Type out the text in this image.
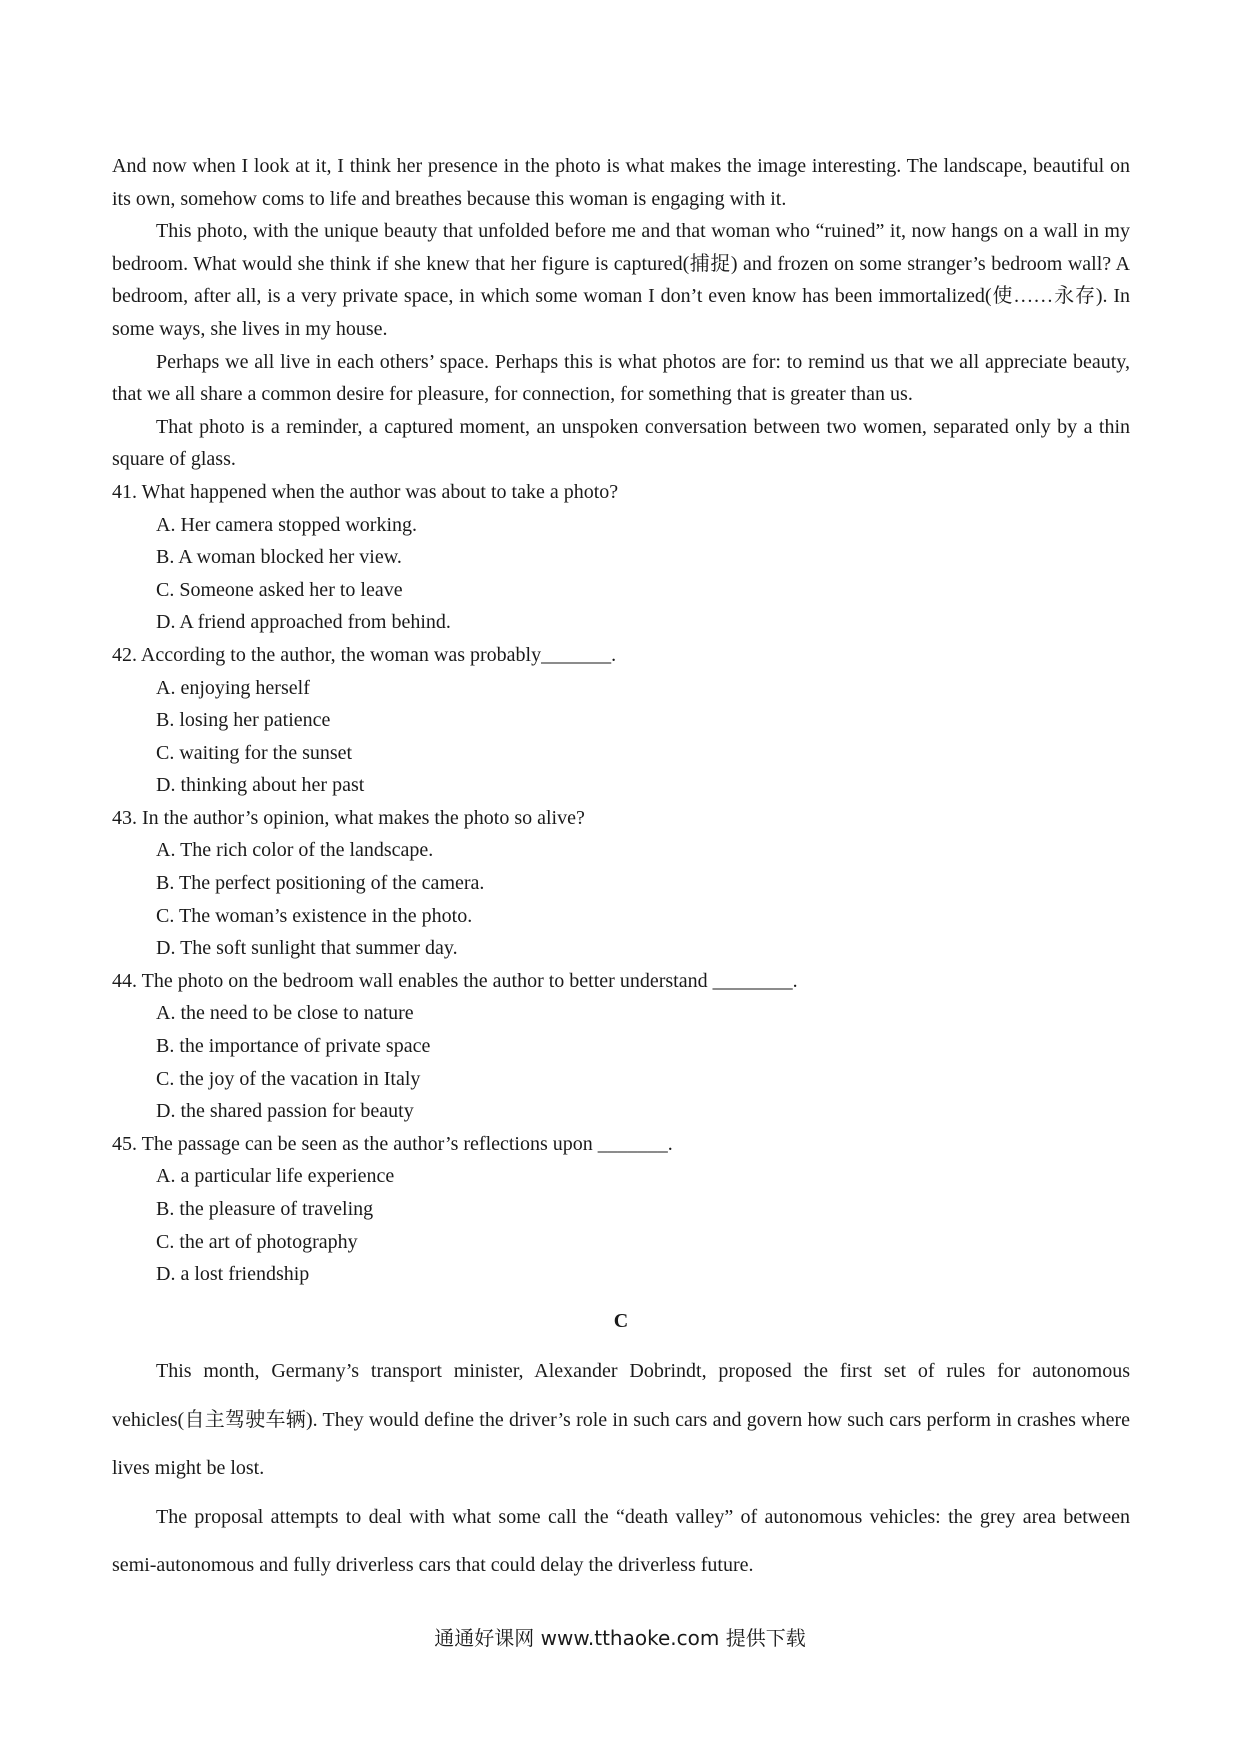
And now when I look at it, I think her presence in the photo is what makes the image interesting. The landscape, beautiful on its own, somehow coms to life and breathes because this woman is engaging with it.

This photo, with the unique beauty that unfolded before me and that woman who “ruined” it, now hangs on a wall in my bedroom. What would she think if she knew that her figure is captured(捕捉) and frozen on some stranger’s bedroom wall? A bedroom, after all, is a very private space, in which some woman I don’t even know has been immortalized(使……永存). In some ways, she lives in my house.

Perhaps we all live in each others’ space. Perhaps this is what photos are for: to remind us that we all appreciate beauty, that we all share a common desire for pleasure, for connection, for something that is greater than us.

That photo is a reminder, a captured moment, an unspoken conversation between two women, separated only by a thin square of glass.

41. What happened when the author was about to take a photo?

A. Her camera stopped working.

B. A woman blocked her view.

C. Someone asked her to leave

D. A friend approached from behind.

42. According to the author, the woman was probably_______.

A. enjoying herself

B. losing her patience

C. waiting for the sunset

D. thinking about her past

43. In the author’s opinion, what makes the photo so alive?

A. The rich color of the landscape.

B. The perfect positioning of the camera.

C. The woman’s existence in the photo.

D. The soft sunlight that summer day.

44. The photo on the bedroom wall enables the author to better understand ________.

A. the need to be close to nature

B. the importance of private space

C. the joy of the vacation in Italy

D. the shared passion for beauty

45. The passage can be seen as the author’s reflections upon _______.

A. a particular life experience

B. the pleasure of traveling

C. the art of photography

D. a lost friendship

C

This month, Germany’s transport minister, Alexander Dobrindt, proposed the first set of rules for autonomous vehicles(自主驾驶车辆). They would define the driver’s role in such cars and govern how such cars perform in crashes where lives might be lost.

The proposal attempts to deal with what some call the “death valley” of autonomous vehicles: the grey area between semi-autonomous and fully driverless cars that could delay the driverless future.

通通好课网 www.tthaoke.com 提供下载
